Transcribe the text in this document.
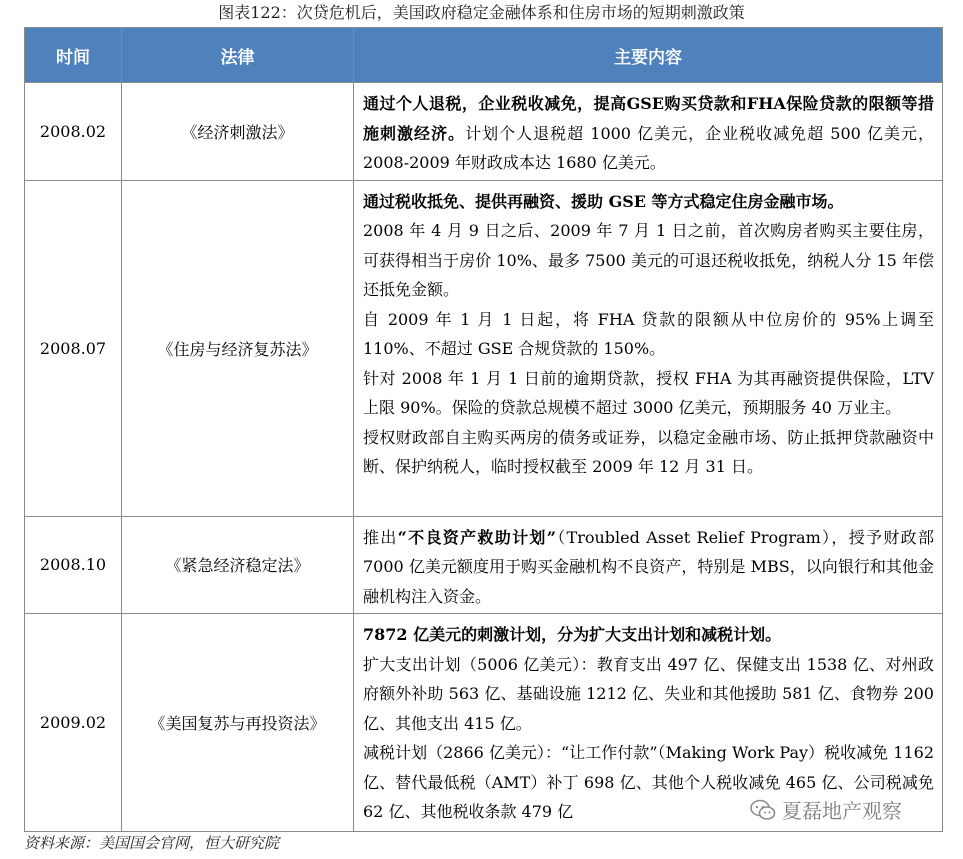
图表122：次贷危机后，美国政府稳定金融体系和住房市场的短期刺激政策
时间	法律	主要内容
2008.02	《经济刺激法》	通过个人退税，企业税收减免，提高GSE购买贷款和FHA保险贷款的限额等措施刺激经济。计划个人退税超 1000 亿美元，企业税收减免超 500 亿美元，2008-2009 年财政成本达 1680 亿美元。

2008.07	《住房与经济复苏法》	通过税收抵免、提供再融资、援助 GSE 等方式稳定住房金融市场。

2008 年 4 月 9 日之后、2009 年 7 月 1 日之前，首次购房者购买主要住房，可获得相当于房价 10%、最多 7500 美元的可退还税收抵免，纳税人分 15 年偿还抵免金额。

自 2009 年 1 月 1 日起，将 FHA 贷款的限额从中位房价的 95%上调至 110%、不超过 GSE 合规贷款的 150%。

针对 2008 年 1 月 1 日前的逾期贷款，授权 FHA 为其再融资提供保险，LTV 上限 90%。保险的贷款总规模不超过 3000 亿美元，预期服务 40 万业主。

授权财政部自主购买两房的债务或证券，以稳定金融市场、防止抵押贷款融资中断、保护纳税人，临时授权截至 2009 年 12 月 31 日。

2008.10	《紧急经济稳定法》	推出“不良资产救助计划”（Troubled Asset Relief Program），授予财政部 7000 亿美元额度用于购买金融机构不良资产，特别是 MBS，以向银行和其他金融机构注入资金。

2009.02	《美国复苏与再投资法》	7872 亿美元的刺激计划，分为扩大支出计划和减税计划。

扩大支出计划（5006 亿美元）：教育支出 497 亿、保健支出 1538 亿、对州政府额外补助 563 亿、基础设施 1212 亿、失业和其他援助 581 亿、食物券 200 亿、其他支出 415 亿。

减税计划（2866 亿美元）：“让工作付款”（Making Work Pay）税收减免 1162 亿、替代最低税（AMT）补丁 698 亿、其他个人税收减免 465 亿、公司税减免 62 亿、其他税收条款 479 亿	夏磊地产观察
资料来源：美国国会官网，恒大研究院
